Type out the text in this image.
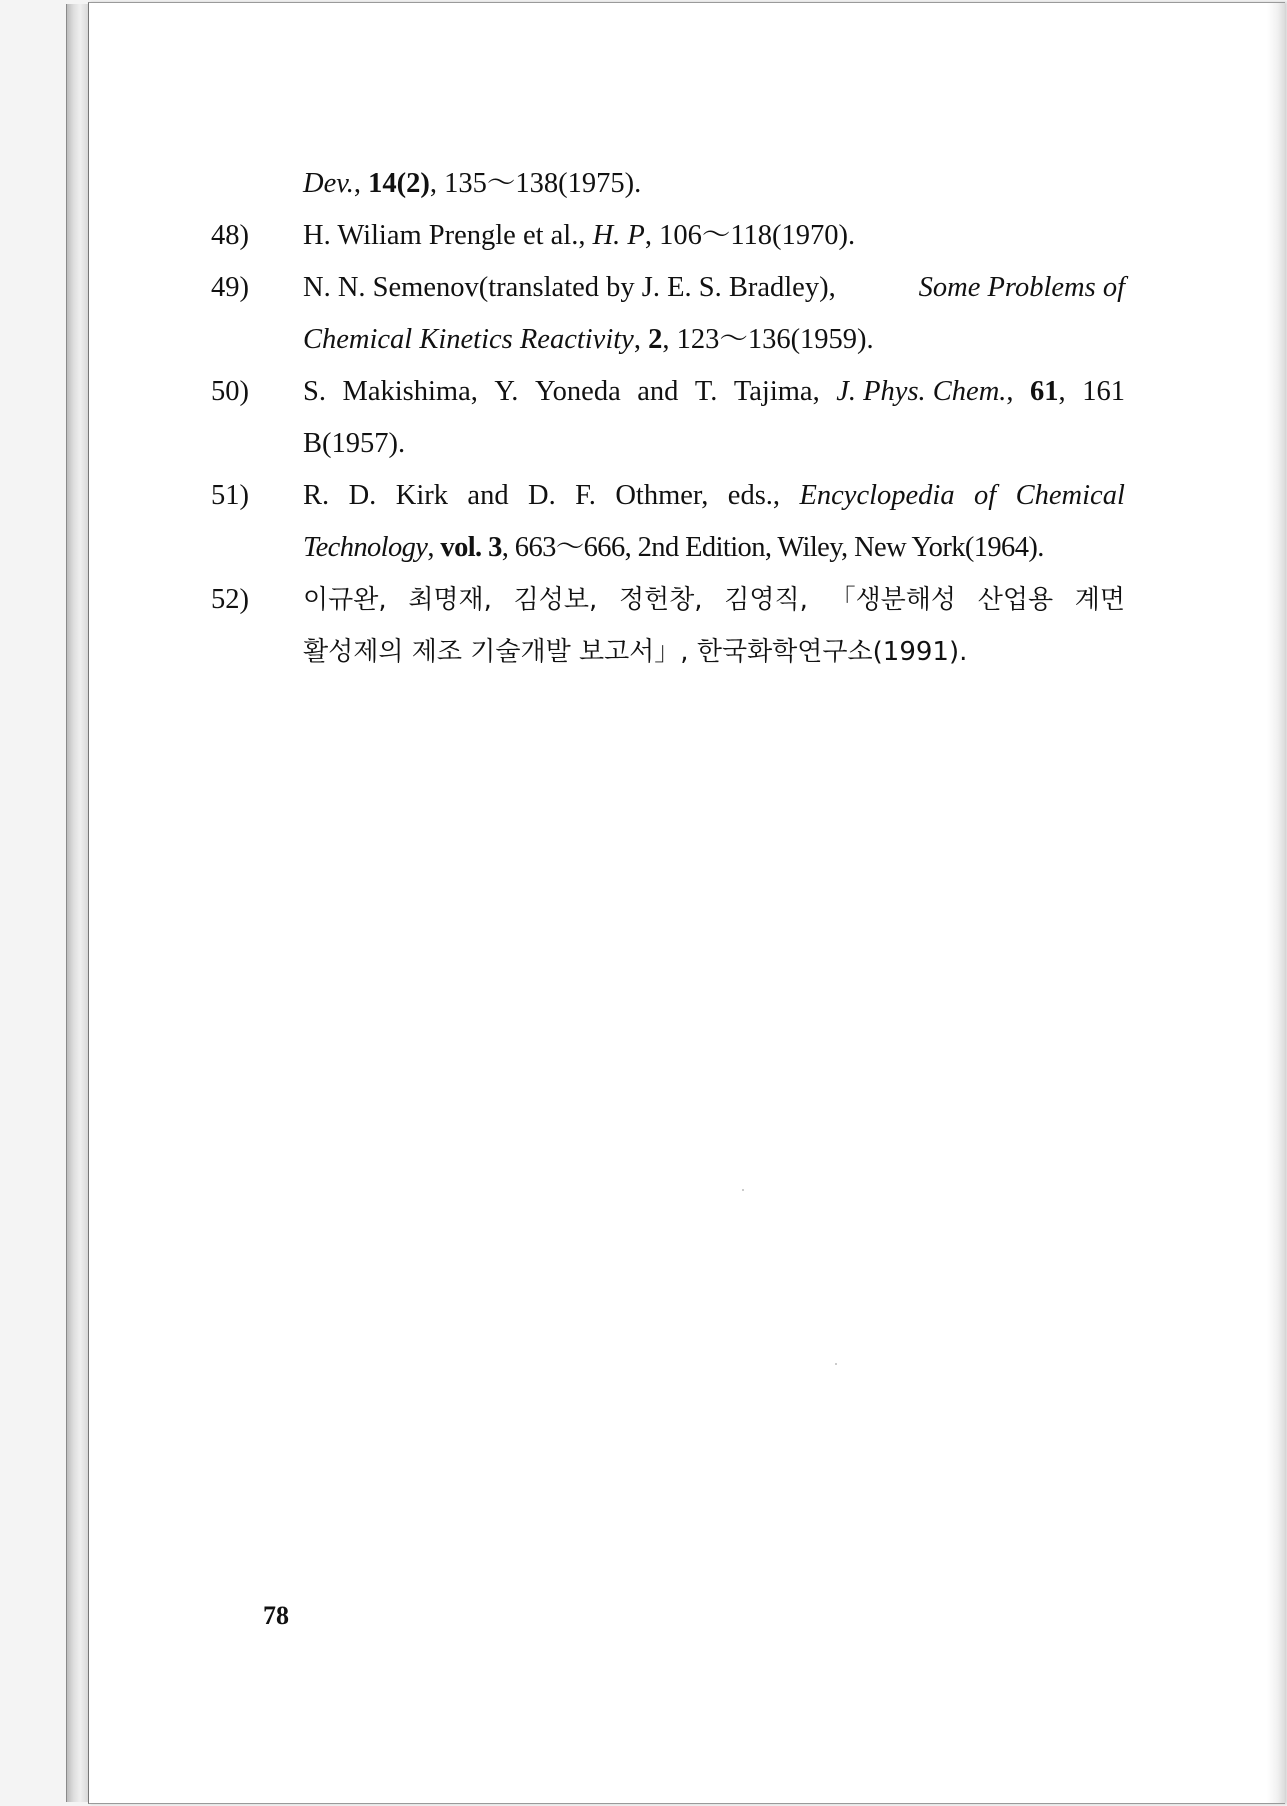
Dev., 14(2), 135～138(1975).
48) H. Wiliam Prengle et al., H. P, 106～118(1970).
49) N. N. Semenov(translated by J. E. S. Bradley),	Some Problems of
Chemical Kinetics Reactivity, 2, 123～136(1959).
50) S. Makishima, Y. Yoneda and T. Tajima, J. Phys. Chem., 61, 161
B(1957).
51) R. D. Kirk and D. F. Othmer, eds., Encyclopedia of Chemical
Technology, vol. 3, 663～666, 2nd Edition, Wiley, New York(1964).
52) 이규완, 최명재, 김성보, 정헌창, 김영직, 「생분해성 산업용 계면
활성제의 제조 기술개발 보고서」, 한국화학연구소(1991).
78
